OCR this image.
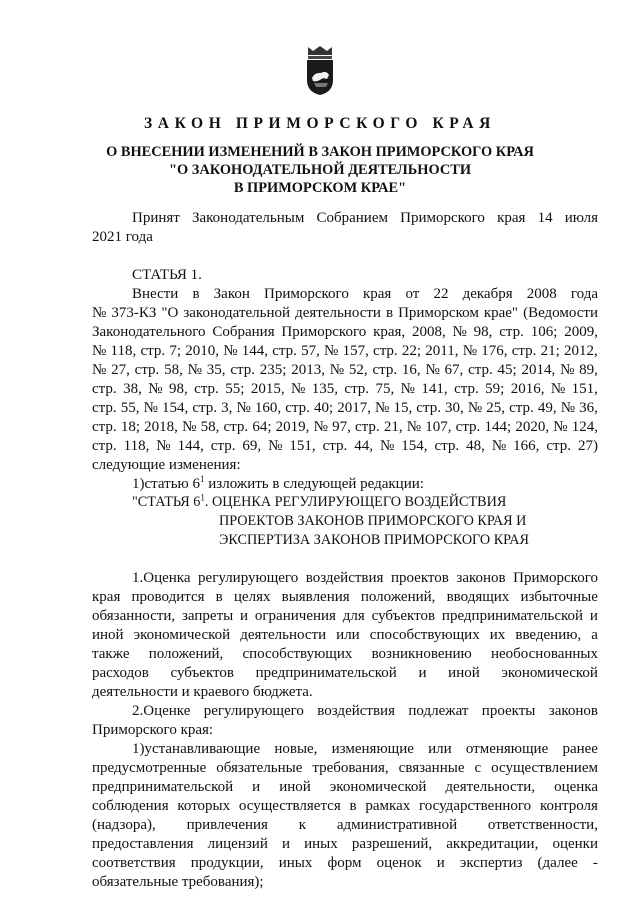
ЗАКОН ПРИМОРСКОГО КРАЯ
О ВНЕСЕНИИ ИЗМЕНЕНИЙ В ЗАКОН ПРИМОРСКОГО КРАЯ
"О ЗАКОНОДАТЕЛЬНОЙ ДЕЯТЕЛЬНОСТИ
В ПРИМОРСКОМ КРАЕ"
Принят Законодательным Собранием Приморского края 14 июля
2021 года
СТАТЬЯ 1.
Внести в Закон Приморского края от 22 декабря 2008 года
№ 373-КЗ "О законодательной деятельности в Приморском крае" (Ведомости
Законодательного Собрания Приморского края, 2008, № 98, стр. 106; 2009,
№ 118, стр. 7; 2010, № 144, стр. 57, № 157, стр. 22; 2011, № 176, стр. 21; 2012,
№ 27, стр. 58, № 35, стр. 235; 2013, № 52, стр. 16, № 67, стр. 45; 2014, № 89,
стр. 38, № 98, стр. 55; 2015, № 135, стр. 75, № 141, стр. 59; 2016, № 151,
стр. 55, № 154, стр. 3, № 160, стр. 40; 2017, № 15, стр. 30, № 25, стр. 49, № 36,
стр. 18; 2018, № 58, стр. 64; 2019, № 97, стр. 21, № 107, стр. 144; 2020, № 124,
стр. 118, № 144, стр. 69, № 151, стр. 44, № 154, стр. 48, № 166, стр. 27)
следующие изменения:
1)статью $6^1$ изложить в следующей редакции:
"СТАТЬЯ $6^1$. ОЦЕНКА РЕГУЛИРУЮЩЕГО ВОЗДЕЙСТВИЯ
ПРОЕКТОВ ЗАКОНОВ ПРИМОРСКОГО КРАЯ И
ЭКСПЕРТИЗА ЗАКОНОВ ПРИМОРСКОГО КРАЯ
1.Оценка регулирующего воздействия проектов законов Приморского
края проводится в целях выявления положений, вводящих избыточные
обязанности, запреты и ограничения для субъектов предпринимательской и
иной экономической деятельности или способствующих их введению, а
также положений, способствующих возникновению необоснованных
расходов субъектов предпринимательской и иной экономической
деятельности и краевого бюджета.
2.Оценке регулирующего воздействия подлежат проекты законов
Приморского края:
1)устанавливающие новые, изменяющие или отменяющие ранее
предусмотренные обязательные требования, связанные с осуществлением
предпринимательской и иной экономической деятельности, оценка
соблюдения которых осуществляется в рамках государственного контроля
(надзора), привлечения к административной ответственности,
предоставления лицензий и иных разрешений, аккредитации, оценки
соответствия продукции, иных форм оценок и экспертиз (далее -
обязательные требования);
